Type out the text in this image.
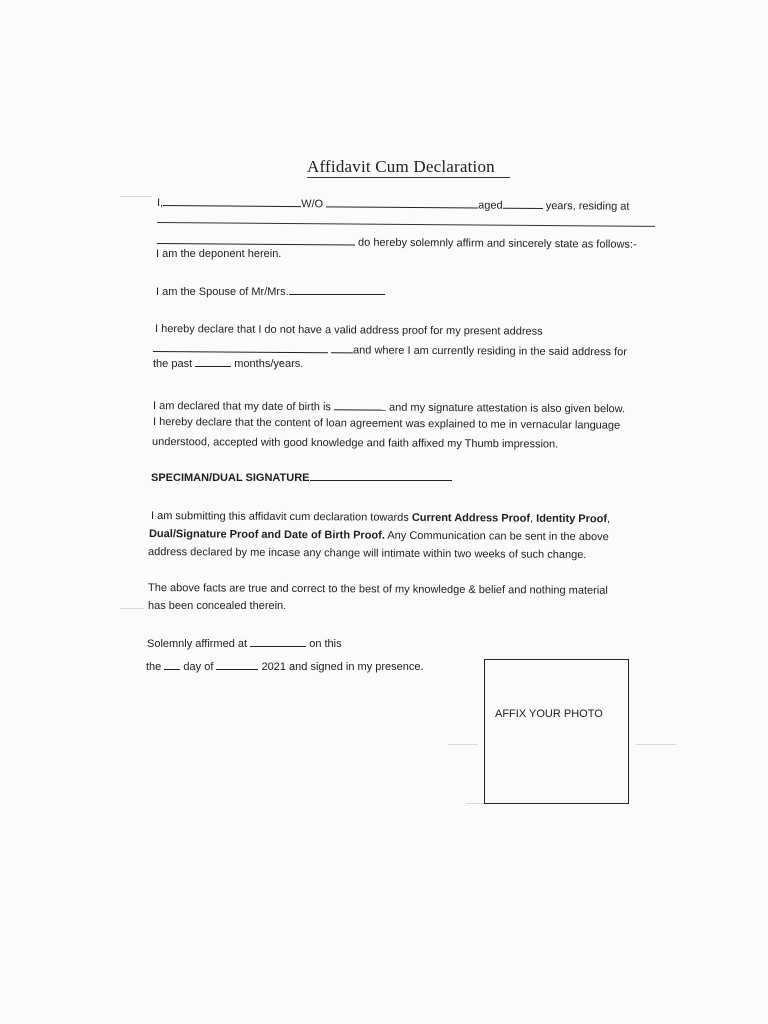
Affidavit Cum Declaration
I,	W/O	aged	years, residing at
do hereby solemnly affirm and sincerely state as follows:-
I am the deponent herein.
I am the Spouse of Mr/Mrs.
I hereby declare that I do not have a valid address proof for my present address
and where I am currently residing in the said address for
the past	months/years.
I am declared that my date of birth is	and my signature attestation is also given below.
I hereby declare that the content of loan agreement was explained to me in vernacular language
understood, accepted with good knowledge and faith affixed my Thumb impression.
SPECIMAN/DUAL SIGNATURE
I am submitting this affidavit cum declaration towards Current Address Proof, Identity Proof,
Dual/Signature Proof and Date of Birth Proof. Any Communication can be sent in the above
address declared by me incase any change will intimate within two weeks of such change.
The above facts are true and correct to the best of my knowledge & belief and nothing material
has been concealed therein.
Solemnly affirmed at	on this
the day of	2021 and signed in my presence.
AFFIX YOUR PHOTO
